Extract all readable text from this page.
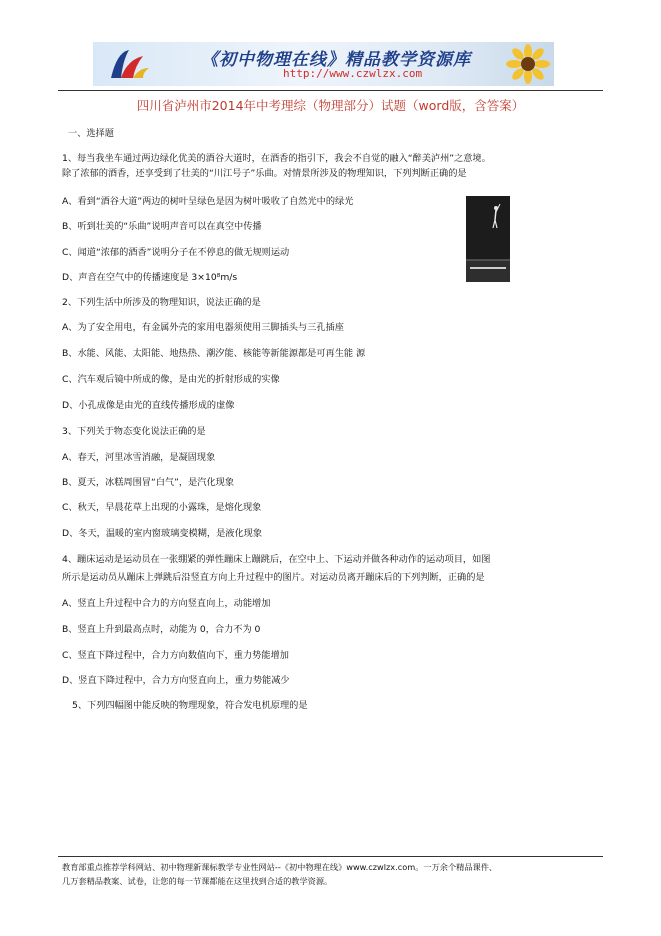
《初中物理在线》精品教学资源库
http://www.czwlzx.com
四川省泸州市2014年中考理综（物理部分）试题（word版，含答案）
一、选择题
1、每当我坐车通过两边绿化优美的酒谷大道时，在酒香的指引下，我会不自觉的融入“醉美泸州”之意境。
除了浓郁的酒香，还享受到了壮美的“川江号子”乐曲。对情景所涉及的物理知识，下列判断正确的是
A、看到“酒谷大道”两边的树叶呈绿色是因为树叶吸收了自然光中的绿光
B、听到壮美的“乐曲”说明声音可以在真空中传播
C、闻道“浓郁的酒香”说明分子在不停息的做无规则运动
D、声音在空气中的传播速度是 3×10⁸m/s
2、下列生活中所涉及的物理知识，说法正确的是
A、为了安全用电，有金属外壳的家用电器须使用三脚插头与三孔插座
B、水能、风能、太阳能、地热热、潮汐能、核能等新能源都是可再生能 源
C、汽车观后镜中所成的像，是由光的折射形成的实像
D、小孔成像是由光的直线传播形成的虚像
3、下列关于物态变化说法正确的是
A、春天，河里冰雪消融，是凝固现象
B、夏天，冰糕周围冒“白气”，是汽化现象
C、秋天，早晨花草上出现的小露珠，是熔化现象
D、冬天，温暖的室内窗玻璃变模糊，是液化现象
4、蹦床运动是运动员在一张绷紧的弹性蹦床上蹦跳后，在空中上、下运动并做各种动作的运动项目，如图
所示是运动员从蹦床上弹跳后沿竖直方向上升过程中的图片。对运动员离开蹦床后的下列判断，正确的是
A、竖直上升过程中合力的方向竖直向上，动能增加
B、竖直上升到最高点时，动能为 0，合力不为 0
C、竖直下降过程中，合力方向数值向下，重力势能增加
D、竖直下降过程中，合力方向竖直向上，重力势能减少
5、下列四幅图中能反映的物理现象，符合发电机原理的是
教育部重点推荐学科网站、初中物理新课标教学专业性网站--《初中物理在线》www.czwlzx.com。一万余个精品课件、
几万套精品教案、试卷，让您的每一节课都能在这里找到合适的教学资源。
